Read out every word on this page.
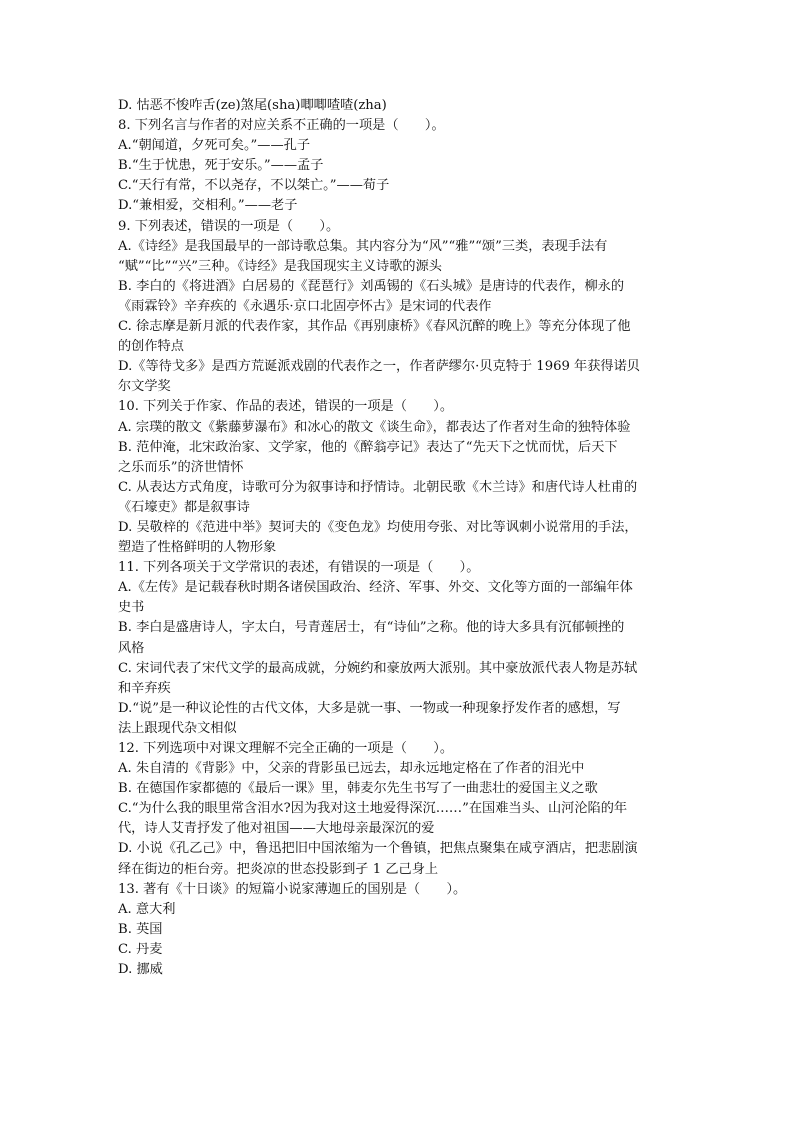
D. 怙恶不悛咋舌(ze)煞尾(sha)唧唧喳喳(zha)
8. 下列名言与作者的对应关系不正确的一项是（　　）。
A.“朝闻道，夕死可矣。”——孔子
B.“生于忧患，死于安乐。”——孟子
C.“天行有常，不以尧存，不以桀亡。”——荀子
D.“兼相爱，交相利。”——老子
9. 下列表述，错误的一项是（　　）。
A.《诗经》是我国最早的一部诗歌总集。其内容分为“风”“雅”“颂”三类，表现手法有
“赋”“比”“兴”三种。《诗经》是我国现实主义诗歌的源头
B. 李白的《将进酒》白居易的《琵琶行》刘禹锡的《石头城》是唐诗的代表作，柳永的
《雨霖铃》辛弃疾的《永遇乐·京口北固亭怀古》是宋词的代表作
C. 徐志摩是新月派的代表作家，其作品《再别康桥》《春风沉醉的晚上》等充分体现了他
的创作特点
D.《等待戈多》是西方荒诞派戏剧的代表作之一，作者萨缪尔·贝克特于 1969 年获得诺贝
尔文学奖
10. 下列关于作家、作品的表述，错误的一项是（　　）。
A. 宗璞的散文《紫藤萝瀑布》和冰心的散文《谈生命》，都表达了作者对生命的独特体验
B. 范仲淹，北宋政治家、文学家，他的《醉翁亭记》表达了“先天下之忧而忧，后天下
之乐而乐”的济世情怀
C. 从表达方式角度，诗歌可分为叙事诗和抒情诗。北朝民歌《木兰诗》和唐代诗人杜甫的
《石壕吏》都是叙事诗
D. 吴敬梓的《范进中举》契诃夫的《变色龙》均使用夸张、对比等讽刺小说常用的手法，
塑造了性格鲜明的人物形象
11. 下列各项关于文学常识的表述，有错误的一项是（　　）。
A.《左传》是记载春秋时期各诸侯国政治、经济、军事、外交、文化等方面的一部编年体
史书
B. 李白是盛唐诗人，字太白，号青莲居士，有“诗仙”之称。他的诗大多具有沉郁顿挫的
风格
C. 宋词代表了宋代文学的最高成就，分婉约和豪放两大派别。其中豪放派代表人物是苏轼
和辛弃疾
D.“说”是一种议论性的古代文体，大多是就一事、一物或一种现象抒发作者的感想，写
法上跟现代杂文相似
12. 下列选项中对课文理解不完全正确的一项是（　　）。
A. 朱自清的《背影》中，父亲的背影虽已远去，却永远地定格在了作者的泪光中
B. 在德国作家都德的《最后一课》里，韩麦尔先生书写了一曲悲壮的爱国主义之歌
C.“为什么我的眼里常含泪水?因为我对这土地爱得深沉……”在国难当头、山河沦陷的年
代，诗人艾青抒发了他对祖国——大地母亲最深沉的爱
D. 小说《孔乙己》中，鲁迅把旧中国浓缩为一个鲁镇，把焦点聚集在咸亨酒店，把悲剧演
绎在街边的柜台旁。把炎凉的世态投影到孑 1 乙己身上
13. 著有《十日谈》的短篇小说家薄迦丘的国别是（　　）。
A. 意大利
B. 英国
C. 丹麦
D. 挪威
